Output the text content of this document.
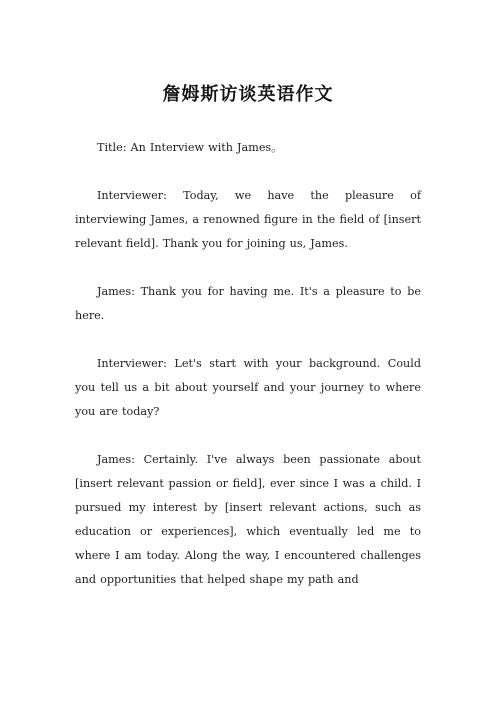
詹姆斯访谈英语作文

Title: An Interview with James。

Interviewer: Today, we have the pleasure of interviewing James, a renowned figure in the field of [insert relevant field]. Thank you for joining us, James.

James: Thank you for having me. It's a pleasure to be here.

Interviewer: Let's start with your background. Could you tell us a bit about yourself and your journey to where you are today?

James: Certainly. I've always been passionate about [insert relevant passion or field], ever since I was a child. I pursued my interest by [insert relevant actions, such as education or experiences], which eventually led me to where I am today. Along the way, I encountered challenges and opportunities that helped shape my path and
